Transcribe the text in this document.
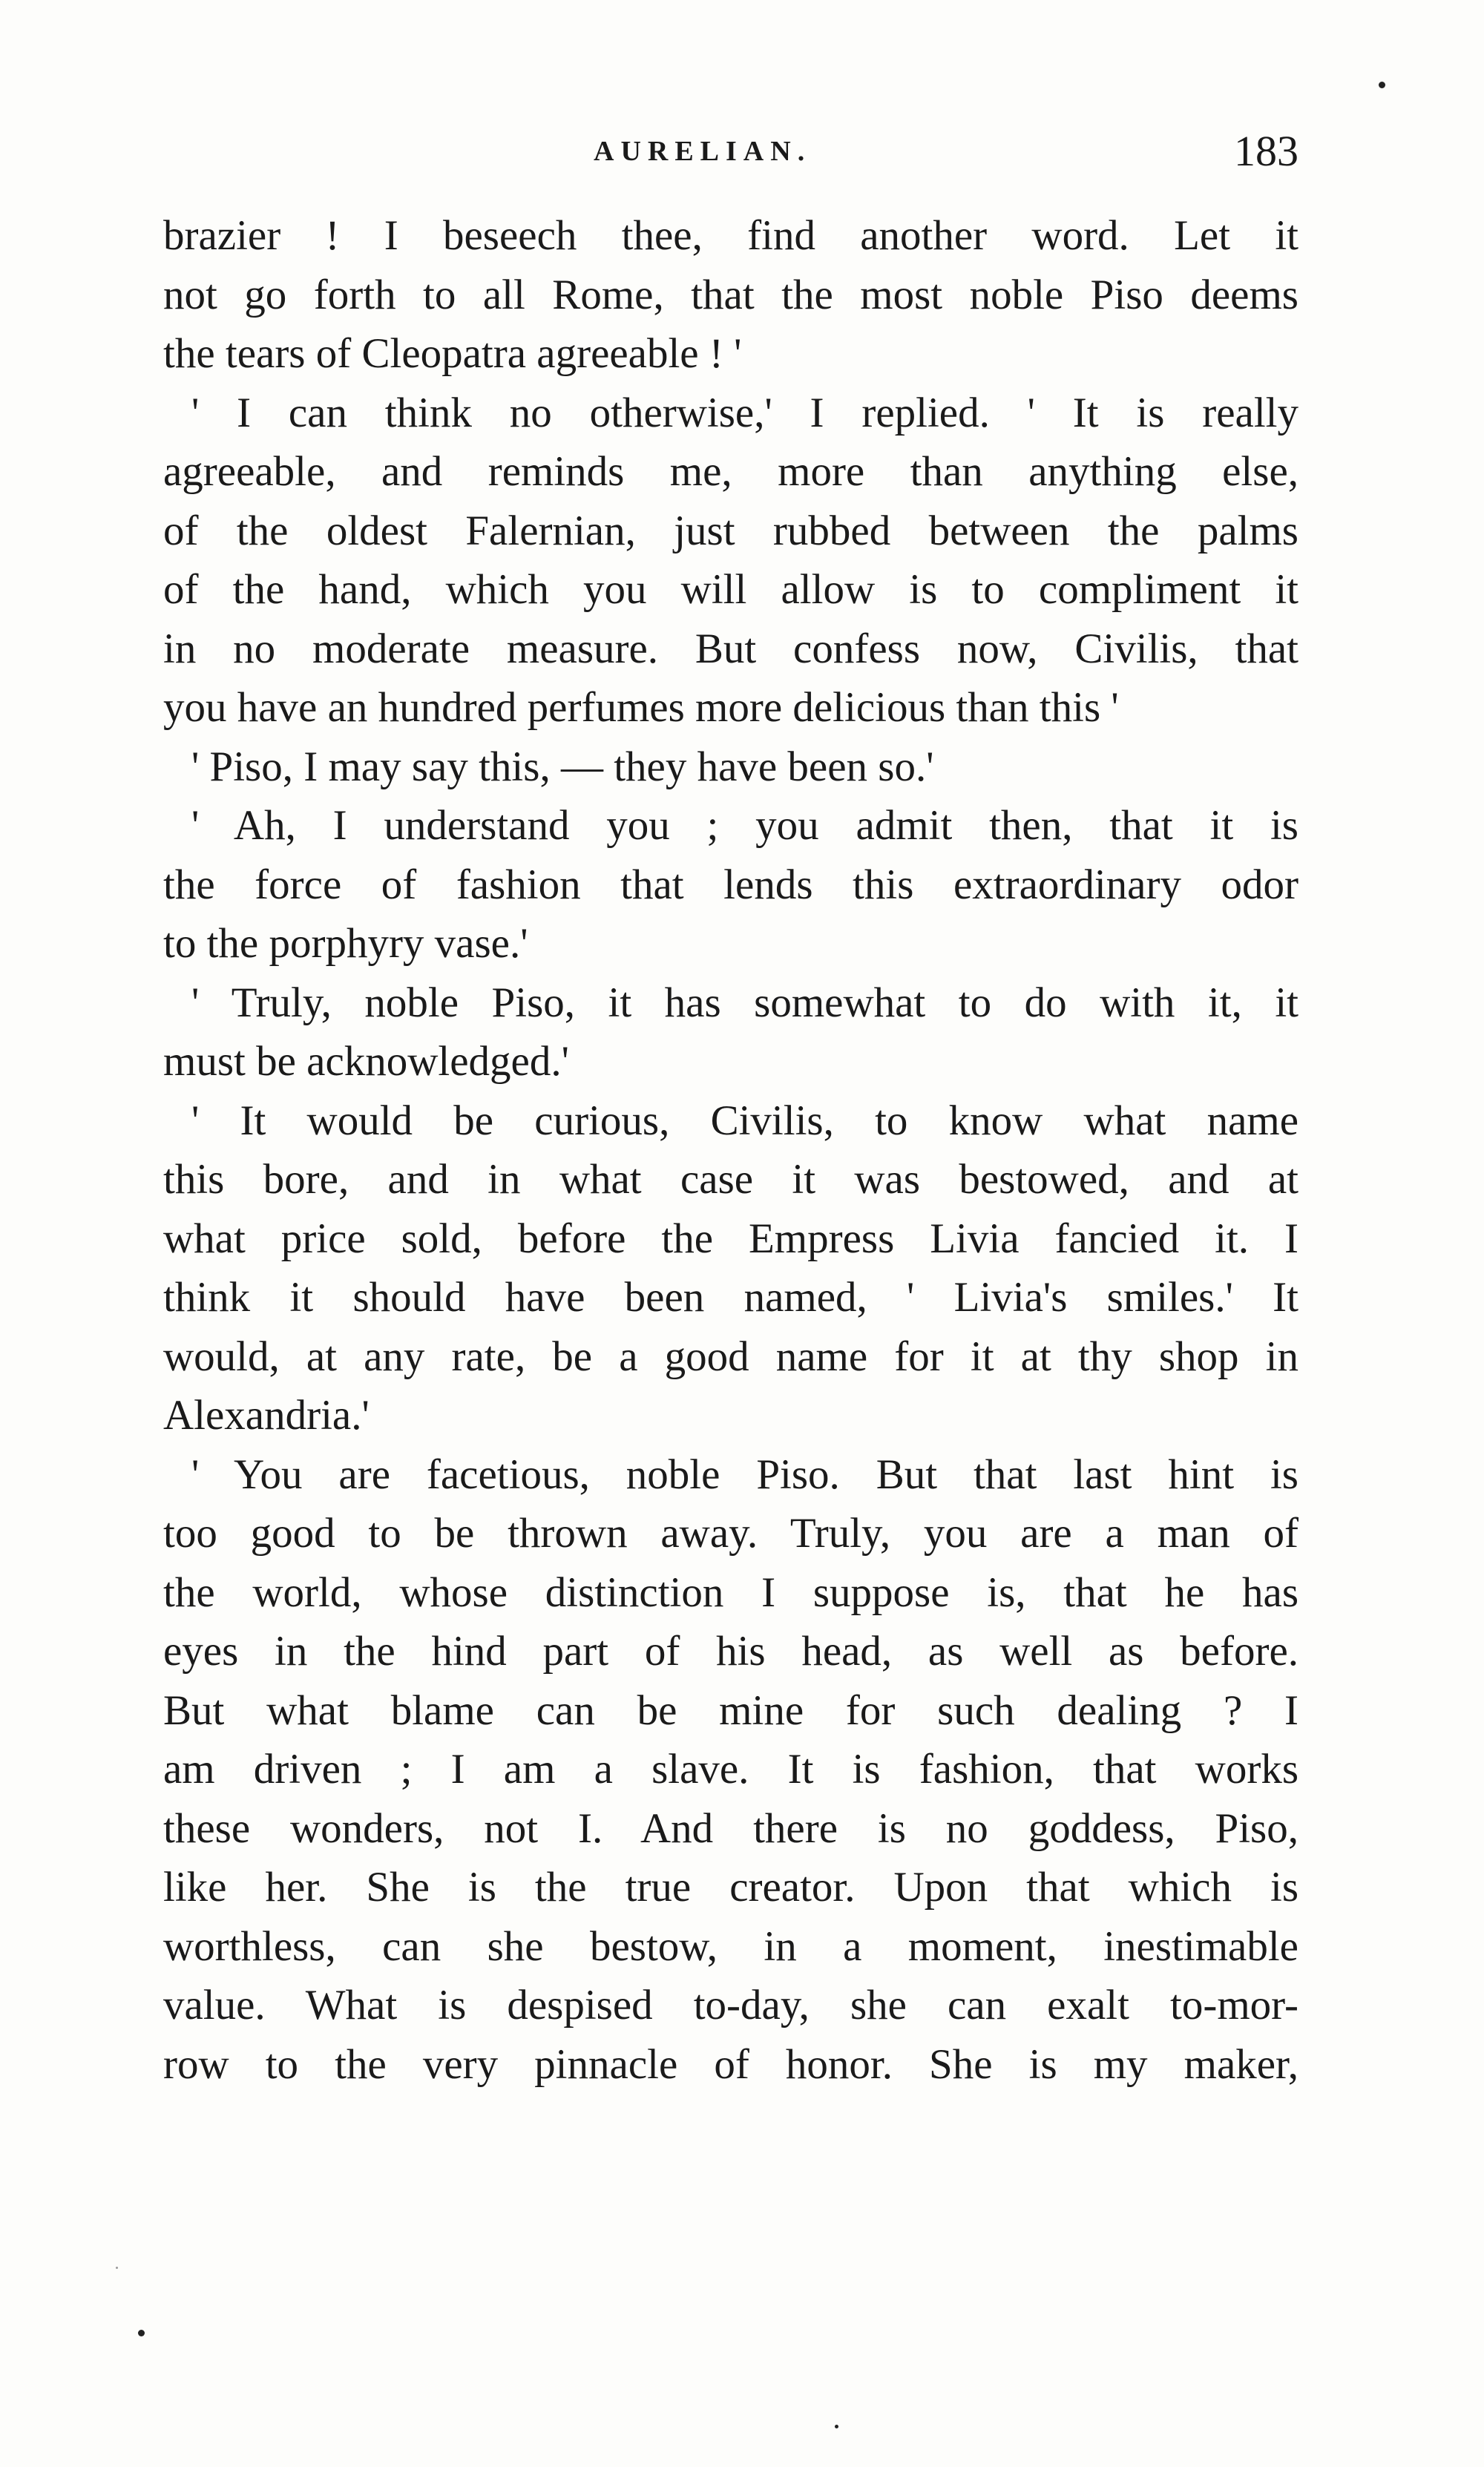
AURELIAN.	183
brazier ! I beseech thee, find another word. Let it
not go forth to all Rome, that the most noble Piso deems
the tears of Cleopatra agreeable ! '
' I can think no otherwise,' I replied. ' It is really
agreeable, and reminds me, more than anything else,
of the oldest Falernian, just rubbed between the palms
of the hand, which you will allow is to compliment it
in no moderate measure. But confess now, Civilis, that
you have an hundred perfumes more delicious than this '
' Piso, I may say this, — they have been so.'
' Ah, I understand you ; you admit then, that it is
the force of fashion that lends this extraordinary odor
to the porphyry vase.'
' Truly, noble Piso, it has somewhat to do with it, it
must be acknowledged.'
' It would be curious, Civilis, to know what name
this bore, and in what case it was bestowed, and at
what price sold, before the Empress Livia fancied it. I
think it should have been named, ' Livia's smiles.' It
would, at any rate, be a good name for it at thy shop in
Alexandria.'
' You are facetious, noble Piso. But that last hint is
too good to be thrown away. Truly, you are a man of
the world, whose distinction I suppose is, that he has
eyes in the hind part of his head, as well as before.
But what blame can be mine for such dealing ? I
am driven ; I am a slave. It is fashion, that works
these wonders, not I. And there is no goddess, Piso,
like her. She is the true creator. Upon that which is
worthless, can she bestow, in a moment, inestimable
value. What is despised to-day, she can exalt to-mor-
row to the very pinnacle of honor. She is my maker,
